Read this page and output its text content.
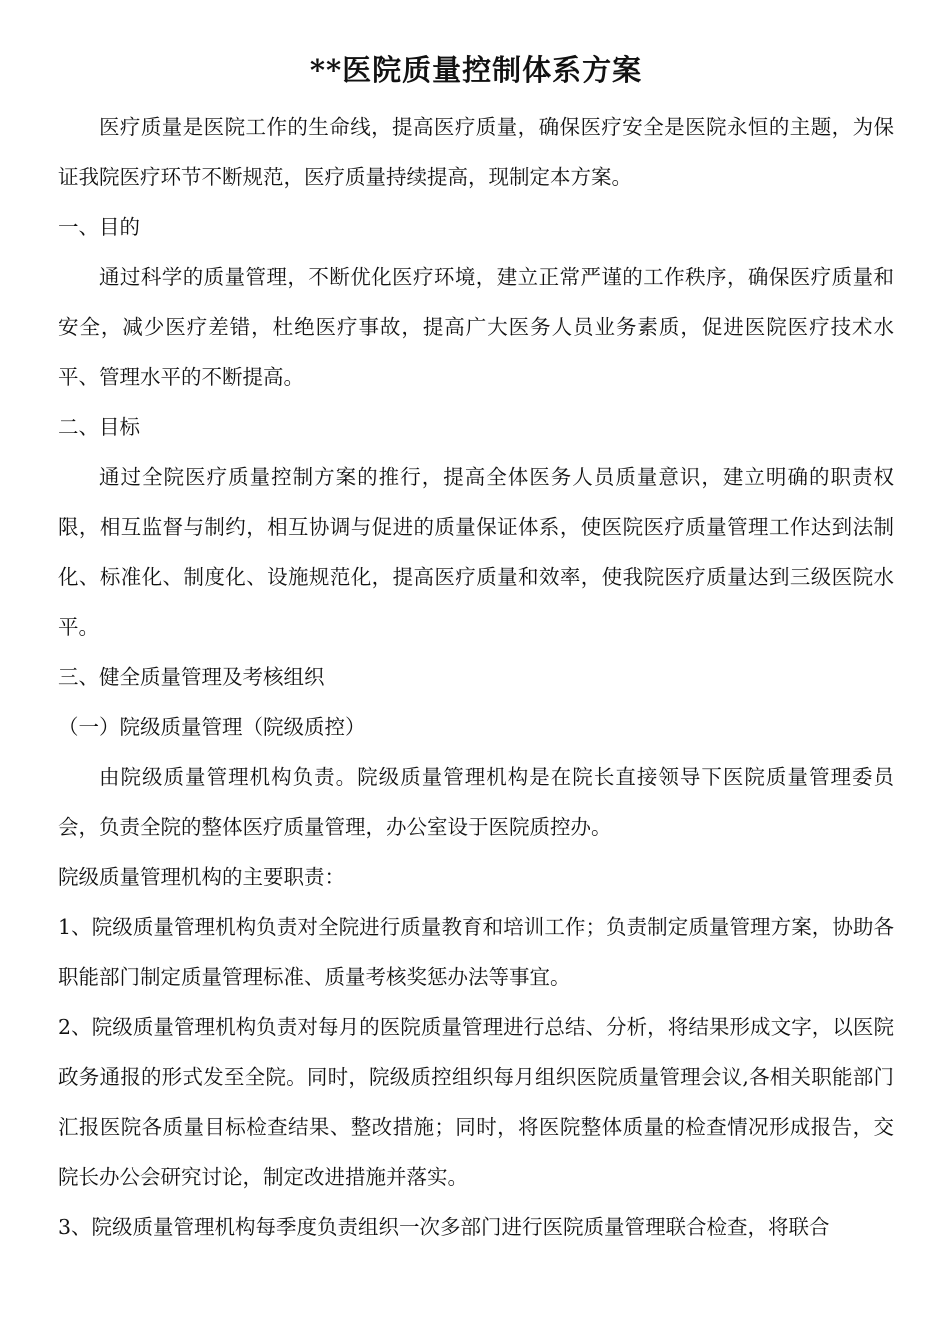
**医院质量控制体系方案

医疗质量是医院工作的生命线，提高医疗质量，确保医疗安全是医院永恒的主题，为保证我院医疗环节不断规范，医疗质量持续提高，现制定本方案。

一、目的

通过科学的质量管理，不断优化医疗环境，建立正常严谨的工作秩序，确保医疗质量和安全，减少医疗差错，杜绝医疗事故，提高广大医务人员业务素质，促进医院医疗技术水平、管理水平的不断提高。

二、目标

通过全院医疗质量控制方案的推行，提高全体医务人员质量意识，建立明确的职责权限，相互监督与制约，相互协调与促进的质量保证体系，使医院医疗质量管理工作达到法制化、标准化、制度化、设施规范化，提高医疗质量和效率，使我院医疗质量达到三级医院水平。

三、健全质量管理及考核组织

（一）院级质量管理（院级质控）

由院级质量管理机构负责。院级质量管理机构是在院长直接领导下医院质量管理委员会，负责全院的整体医疗质量管理，办公室设于医院质控办。

院级质量管理机构的主要职责：

1、院级质量管理机构负责对全院进行质量教育和培训工作；负责制定质量管理方案，协助各职能部门制定质量管理标准、质量考核奖惩办法等事宜。

2、院级质量管理机构负责对每月的医院质量管理进行总结、分析，将结果形成文字，以医院政务通报的形式发至全院。同时，院级质控组织每月组织医院质量管理会议,各相关职能部门汇报医院各质量目标检查结果、整改措施；同时，将医院整体质量的检查情况形成报告，交院长办公会研究讨论，制定改进措施并落实。

3、院级质量管理机构每季度负责组织一次多部门进行医院质量管理联合检查，将联合
